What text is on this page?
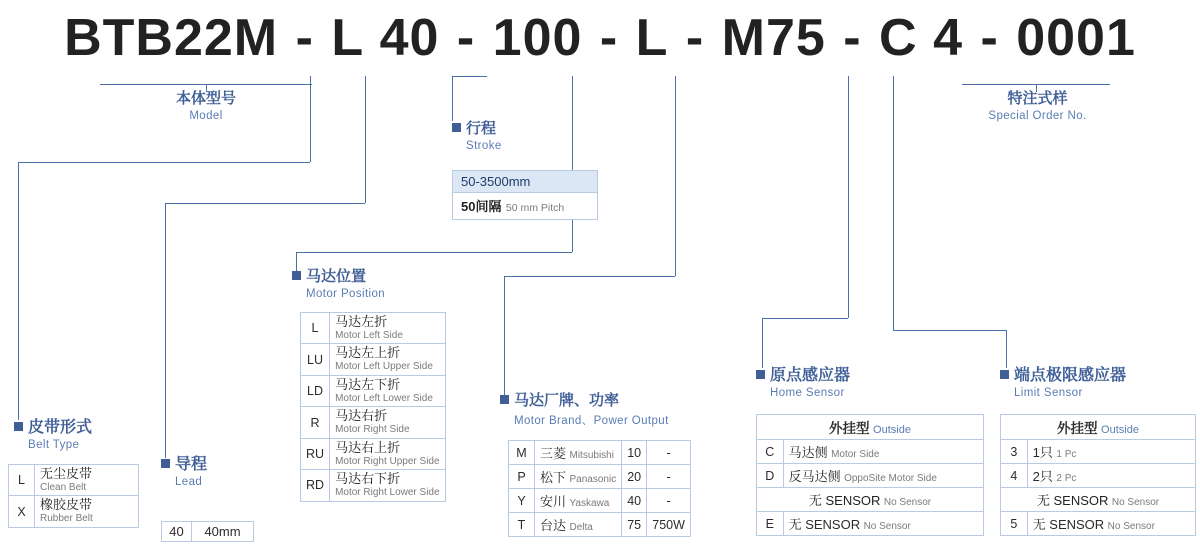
BTB22M - L 40 - 100 - L - M75 - C 4 - 0001
本体型号
Model
特注式样
Special Order No.
行程
Stroke
50-3500mm
50间隔 50 mm Pitch
马达位置
Motor Position
L	马达左折
Motor Left Side

LU	马达左上折
Motor Left Upper Side

LD	马达左下折
Motor Left Lower Side

R	马达右折
Motor Right Side

RU	马达右上折
Motor Right Upper Side

RD	马达右下折
Motor Right Lower Side
马达厂牌、功率
Motor Brand、Power Output
M	三菱 Mitsubishi	10	-
P	松下 Panasonic	20	-
Y	安川 Yaskawa	40	-
T	台达 Delta	75	750W
皮带形式
Belt Type
L	无尘皮带
Clean Belt

X	橡胶皮带
Rubber Belt
导程
Lead
40	40mm
原点感应器
Home Sensor
外挂型 Outside	
C	马达侧 Motor Side
D	反马达侧 OppoSite Motor Side
无 SENSOR No Sensor	
E	无 SENSOR No Sensor
端点极限感应器
Limit Sensor
外挂型 Outside	
3	1只 1 Pc
4	2只 2 Pc
无 SENSOR No Sensor	
5	无 SENSOR No Sensor
